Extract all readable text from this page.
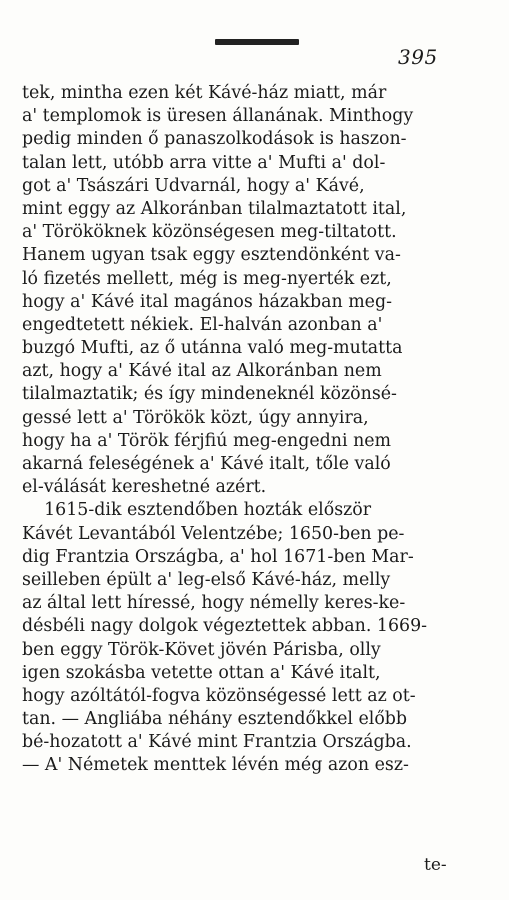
395
tek, mintha ezen két Kávé-ház miatt, már
a' templomok is üresen állanának. Minthogy
pedig minden ő panaszolkodások is haszon-
talan lett, utóbb arra vitte a' Mufti a' dol-
got a' Tsászári Udvarnál, hogy a' Kávé,
mint eggy az Alkoránban tilalmaztatott ital,
a' Törököknek közönségesen meg-tiltatott.
Hanem ugyan tsak eggy esztendönként va-
ló fizetés mellett, még is meg-nyerték ezt,
hogy a' Kávé ital magános házakban meg-
engedtetett nékiek. El-halván azonban a'
buzgó Mufti, az ő utánna való meg-mutatta
azt, hogy a' Kávé ital az Alkoránban nem
tilalmaztatik; és így mindeneknél közönsé-
gessé lett a' Törökök közt, úgy annyira,
hogy ha a' Török férjfiú meg-engedni nem
akarná feleségének a' Kávé italt, tőle való
el-válását kereshetné azért.
1615-dik esztendőben hozták először
Kávét Levantából Velentzébe; 1650-ben pe-
dig Frantzia Országba, a' hol 1671-ben Mar-
seilleben épült a' leg-első Kávé-ház, melly
az által lett híressé, hogy némelly keres-ke-
désbéli nagy dolgok végeztettek abban. 1669-
ben eggy Török-Követ jövén Párisba, olly
igen szokásba vetette ottan a' Kávé italt,
hogy azóltától-fogva közönségessé lett az ot-
tan. — Angliába néhány esztendőkkel előbb
bé-hozatott a' Kávé mint Frantzia Országba.
— A' Németek menttek lévén még azon esz-
te-
